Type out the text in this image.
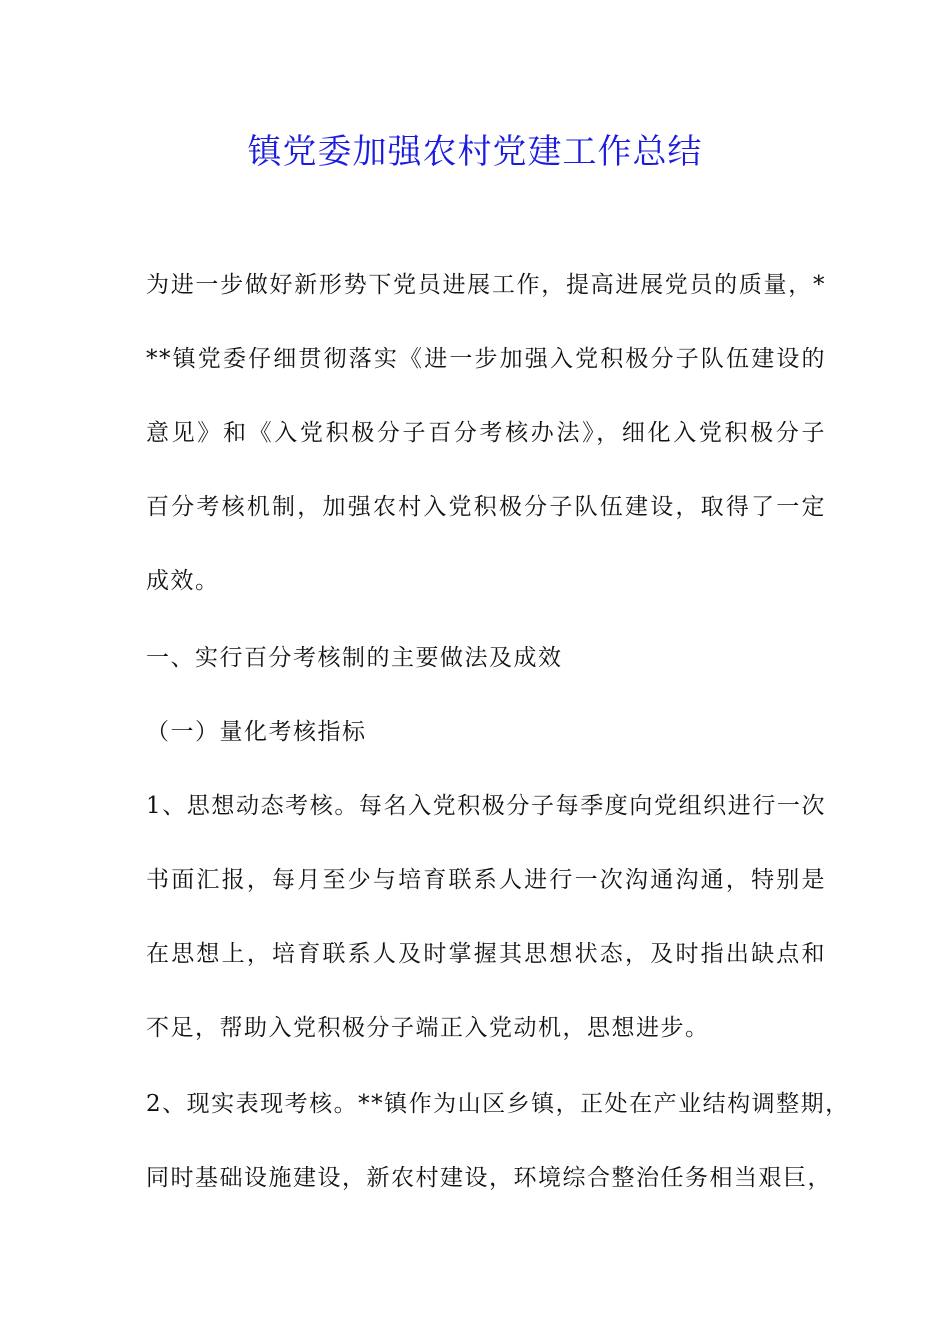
镇党委加强农村党建工作总结

为进一步做好新形势下党员进展工作，提高进展党员的质量，*

**镇党委仔细贯彻落实《进一步加强入党积极分子队伍建设的

意见》和《入党积极分子百分考核办法》，细化入党积极分子

百分考核机制，加强农村入党积极分子队伍建设，取得了一定

成效。

一、实行百分考核制的主要做法及成效

（一）量化考核指标

1、思想动态考核。每名入党积极分子每季度向党组织进行一次

书面汇报，每月至少与培育联系人进行一次沟通沟通，特别是

在思想上，培育联系人及时掌握其思想状态，及时指出缺点和

不足，帮助入党积极分子端正入党动机，思想进步。

2、现实表现考核。**镇作为山区乡镇，正处在产业结构调整期，

同时基础设施建设，新农村建设，环境综合整治任务相当艰巨，
